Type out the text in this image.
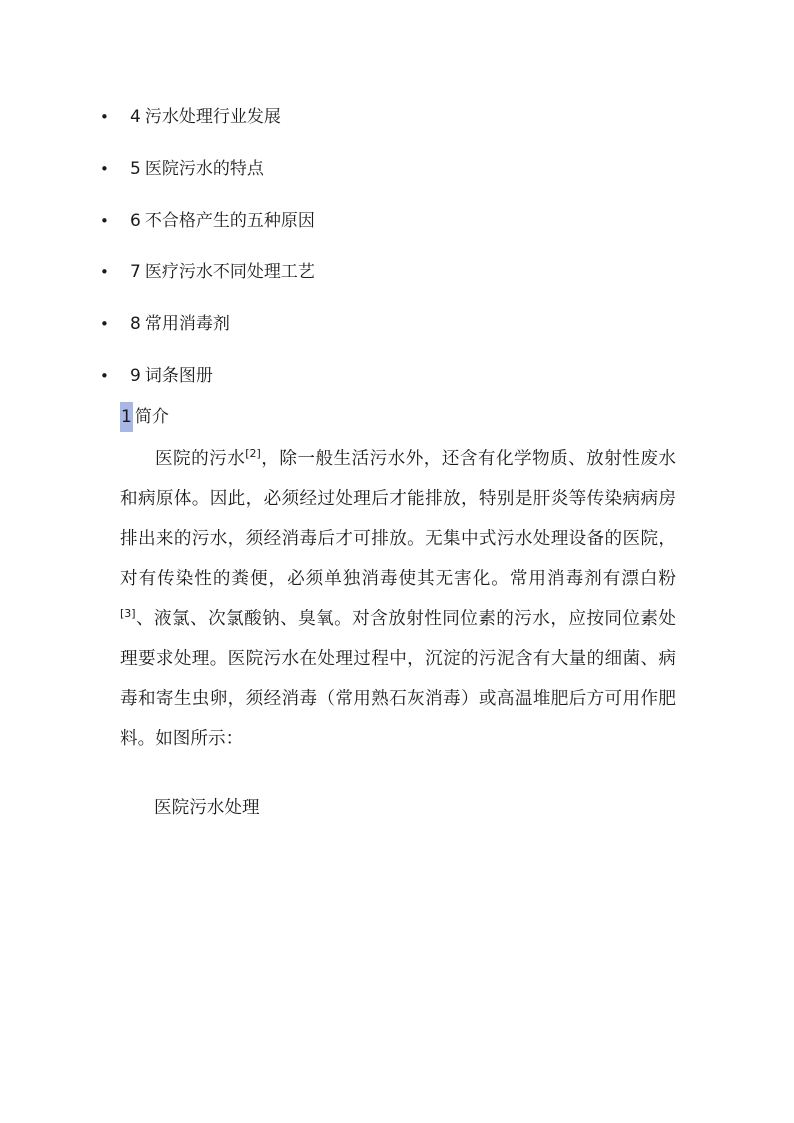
•	4 污水处理行业发展
•	5 医院污水的特点
•	6 不合格产生的五种原因
•	7 医疗污水不同处理工艺
•	8 常用消毒剂
•	9 词条图册
1 简介

医院的污水[2]，除一般生活污水外，还含有化学物质、放射性废水和病原体。因此，必须经过处理后才能排放，特别是肝炎等传染病病房排出来的污水，须经消毒后才可排放。无集中式污水处理设备的医院，对有传染性的粪便，必须单独消毒使其无害化。常用消毒剂有漂白粉[3]、液氯、次氯酸钠、臭氧。对含放射性同位素的污水，应按同位素处理要求处理。医院污水在处理过程中，沉淀的污泥含有大量的细菌、病毒和寄生虫卵，须经消毒（常用熟石灰消毒）或高温堆肥后方可用作肥料。如图所示：

医院污水处理
